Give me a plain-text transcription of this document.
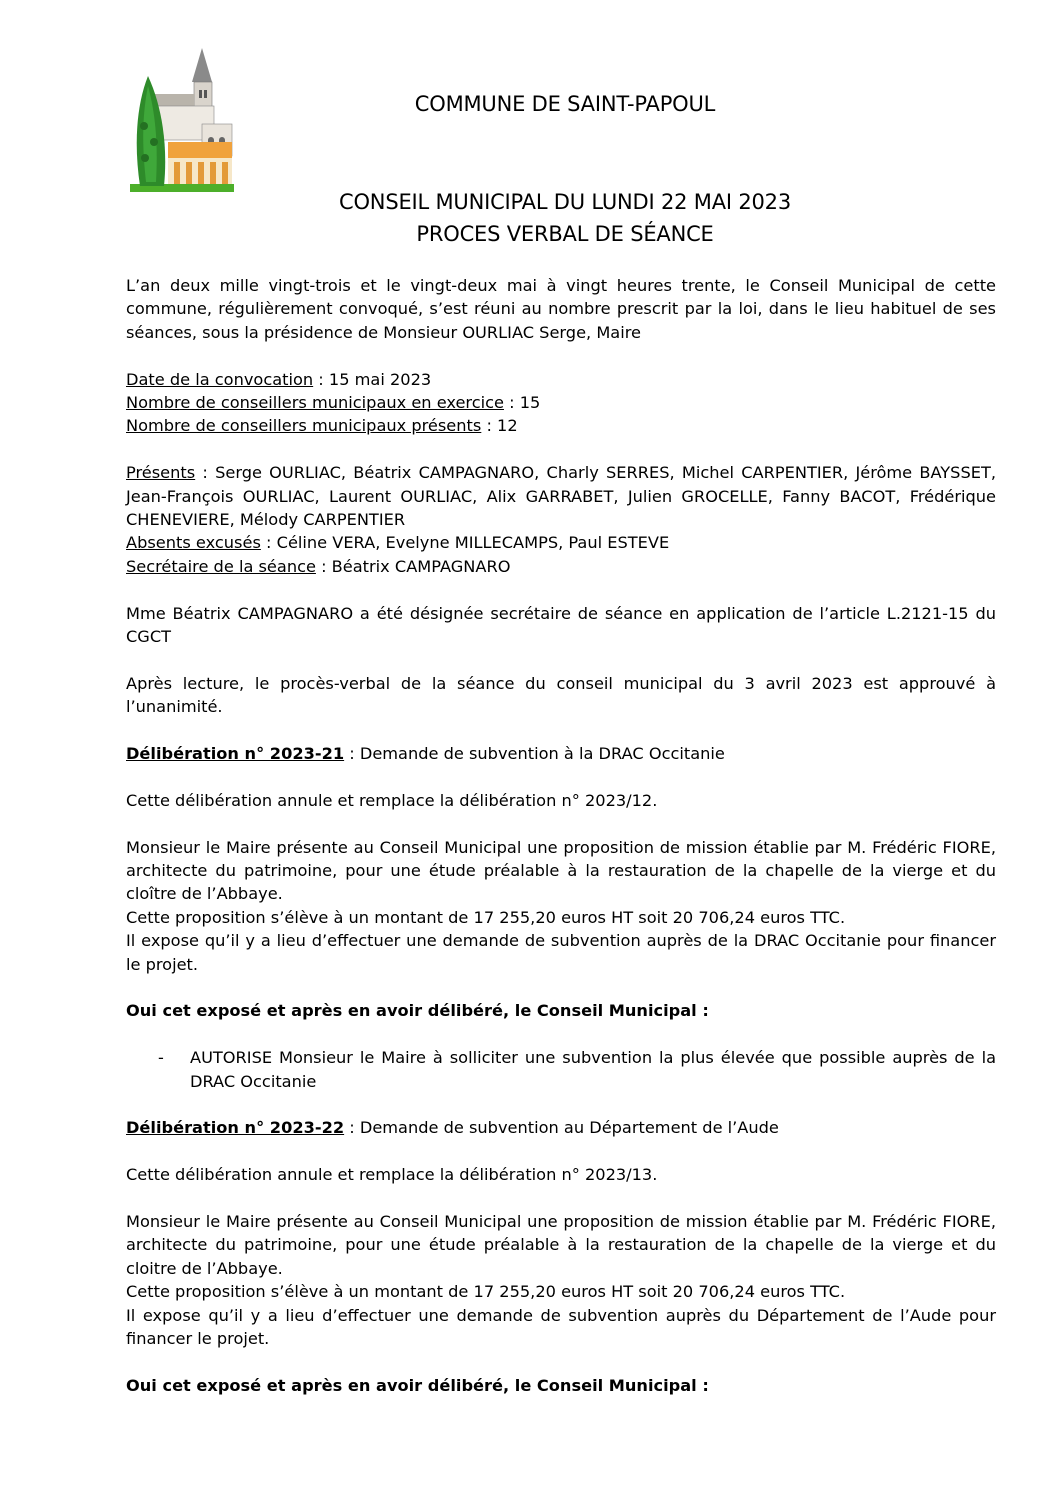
COMMUNE DE SAINT-PAPOUL
CONSEIL MUNICIPAL DU LUNDI 22 MAI 2023
PROCES VERBAL DE SÉANCE

L’an deux mille vingt-trois et le vingt-deux mai à vingt heures trente, le Conseil Municipal de cette commune, régulièrement convoqué, s’est réuni au nombre prescrit par la loi, dans le lieu habituel de ses séances, sous la présidence de Monsieur OURLIAC Serge, Maire

Date de la convocation : 15 mai 2023

Nombre de conseillers municipaux en exercice : 15

Nombre de conseillers municipaux présents : 12

Présents : Serge OURLIAC, Béatrix CAMPAGNARO, Charly SERRES, Michel CARPENTIER, Jérôme BAYSSET, Jean-François OURLIAC, Laurent OURLIAC, Alix GARRABET, Julien GROCELLE, Fanny BACOT, Frédérique CHENEVIERE, Mélody CARPENTIER

Absents excusés : Céline VERA, Evelyne MILLECAMPS, Paul ESTEVE

Secrétaire de la séance : Béatrix CAMPAGNARO

Mme Béatrix CAMPAGNARO a été désignée secrétaire de séance en application de l’article L.2121-15 du CGCT

Après lecture, le procès-verbal de la séance du conseil municipal du 3 avril 2023 est approuvé à l’unanimité.

Délibération n° 2023-21 : Demande de subvention à la DRAC Occitanie

Cette délibération annule et remplace la délibération n° 2023/12.

Monsieur le Maire présente au Conseil Municipal une proposition de mission établie par M. Frédéric FIORE, architecte du patrimoine, pour une étude préalable à la restauration de la chapelle de la vierge et du cloître de l’Abbaye.

Cette proposition s’élève à un montant de 17 255,20 euros HT soit 20 706,24 euros TTC.

Il expose qu’il y a lieu d’effectuer une demande de subvention auprès de la DRAC Occitanie pour financer le projet.

Oui cet exposé et après en avoir délibéré, le Conseil Municipal :

-	AUTORISE Monsieur le Maire à solliciter une subvention la plus élevée que possible auprès de la DRAC Occitanie

Délibération n° 2023-22 : Demande de subvention au Département de l’Aude

Cette délibération annule et remplace la délibération n° 2023/13.

Monsieur le Maire présente au Conseil Municipal une proposition de mission établie par M. Frédéric FIORE, architecte du patrimoine, pour une étude préalable à la restauration de la chapelle de la vierge et du cloitre de l’Abbaye.

Cette proposition s’élève à un montant de 17 255,20 euros HT soit 20 706,24 euros TTC.

Il expose qu’il y a lieu d’effectuer une demande de subvention auprès du Département de l’Aude pour financer le projet.

Oui cet exposé et après en avoir délibéré, le Conseil Municipal :
